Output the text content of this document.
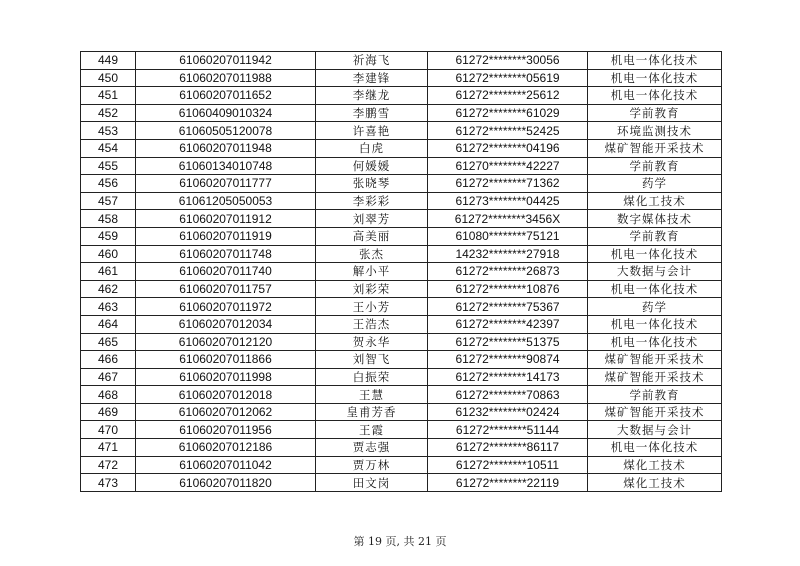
449	61060207011942	祈海飞	61272********30056	机电一体化技术
450	61060207011988	李建锋	61272********05619	机电一体化技术
451	61060207011652	李继龙	61272********25612	机电一体化技术
452	61060409010324	李鹏雪	61272********61029	学前教育
453	61060505120078	许喜艳	61272********52425	环境监测技术
454	61060207011948	白虎	61272********04196	煤矿智能开采技术
455	61060134010748	何媛媛	61270********42227	学前教育
456	61060207011777	张晓琴	61272********71362	药学
457	61061205050053	李彩彩	61273********04425	煤化工技术
458	61060207011912	刘翠芳	61272********3456X	数字媒体技术
459	61060207011919	高美丽	61080********75121	学前教育
460	61060207011748	张杰	14232********27918	机电一体化技术
461	61060207011740	解小平	61272********26873	大数据与会计
462	61060207011757	刘彩荣	61272********10876	机电一体化技术
463	61060207011972	王小芳	61272********75367	药学
464	61060207012034	王浩杰	61272********42397	机电一体化技术
465	61060207012120	贺永华	61272********51375	机电一体化技术
466	61060207011866	刘智飞	61272********90874	煤矿智能开采技术
467	61060207011998	白振荣	61272********14173	煤矿智能开采技术
468	61060207012018	王慧	61272********70863	学前教育
469	61060207012062	皇甫芳香	61232********02424	煤矿智能开采技术
470	61060207011956	王霞	61272********51144	大数据与会计
471	61060207012186	贾志强	61272********86117	机电一体化技术
472	61060207011042	贾万林	61272********10511	煤化工技术
473	61060207011820	田文岗	61272********22119	煤化工技术
第 19 页, 共 21 页
